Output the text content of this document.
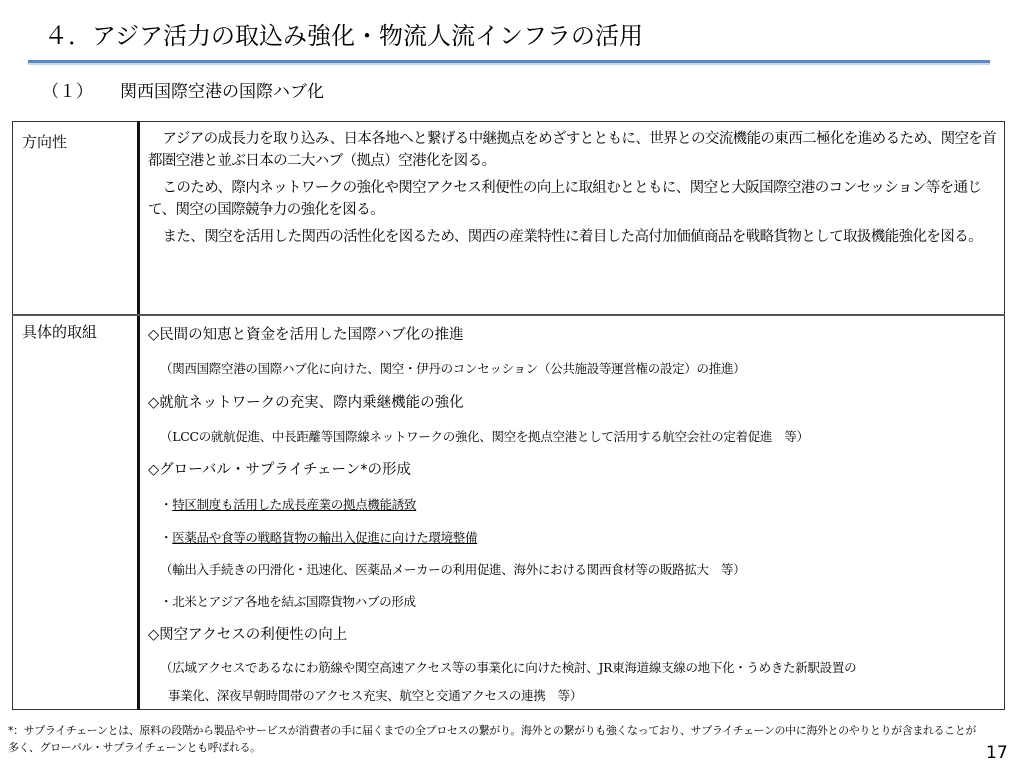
４．アジア活力の取込み強化・物流人流インフラの活用
（１） 関西国際空港の国際ハブ化
方向性	アジアの成長力を取り込み、日本各地へと繋げる中継拠点をめざすとともに、世界との交流機能の東西二極化を進めるため、関空を首都圏空港と並ぶ日本の二大ハブ（拠点）空港化を図る。

このため、際内ネットワークの強化や関空アクセス利便性の向上に取組むとともに、関空と大阪国際空港のコンセッション等を通じて、関空の国際競争力の強化を図る。

また、関空を活用した関西の活性化を図るため、関西の産業特性に着目した高付加価値商品を戦略貨物として取扱機能強化を図る。

具体的取組	◇民間の知恵と資金を活用した国際ハブ化の推進
（関西国際空港の国際ハブ化に向けた、関空・伊丹のコンセッション（公共施設等運営権の設定）の推進）
◇就航ネットワークの充実、際内乗継機能の強化
（LCCの就航促進、中長距離等国際線ネットワークの強化、関空を拠点空港として活用する航空会社の定着促進　等）
◇グローバル・サプライチェーン*の形成
・特区制度も活用した成長産業の拠点機能誘致
・医薬品や食等の戦略貨物の輸出入促進に向けた環境整備
（輸出入手続きの円滑化・迅速化、医薬品メーカーの利用促進、海外における関西食材等の販路拡大　等）
・北米とアジア各地を結ぶ国際貨物ハブの形成
◇関空アクセスの利便性の向上
（広域アクセスであるなにわ筋線や関空高速アクセス等の事業化に向けた検討、JR東海道線支線の地下化・うめきた新駅設置の
事業化、深夜早朝時間帯のアクセス充実、航空と交通アクセスの連携　等）
*：サプライチェーンとは、原料の段階から製品やサービスが消費者の手に届くまでの全プロセスの繋がり。海外との繋がりも強くなっており、サプライチェーンの中に海外とのやりとりが含まれることが多く、グローバル・サプライチェーンとも呼ばれる。	17
